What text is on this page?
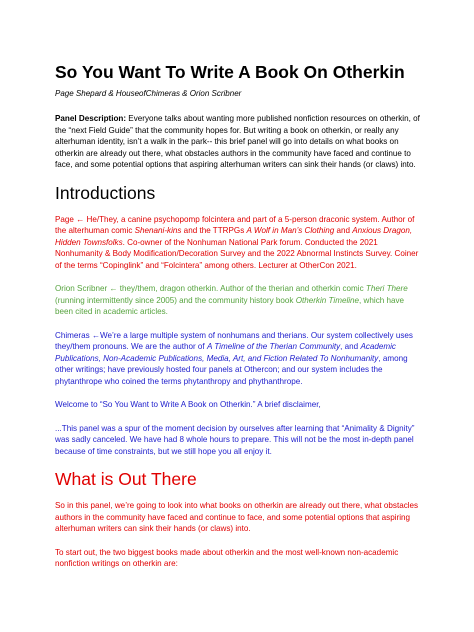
So You Want To Write A Book On Otherkin
Page Shepard & HouseofChimeras & Orion Scribner

Panel Description: Everyone talks about wanting more published nonfiction resources on otherkin, of the “next Field Guide” that the community hopes for. But writing a book on otherkin, or really any alterhuman identity, isn’t a walk in the park-- this brief panel will go into details on what books on otherkin are already out there, what obstacles authors in the community have faced and continue to face, and some potential options that aspiring alterhuman writers can sink their hands (or claws) into.

Introductions

Page ← He/They, a canine psychopomp folcintera and part of a 5-person draconic system. Author of the alterhuman comic Shenani-kins and the TTRPGs A Wolf in Man’s Clothing and Anxious Dragon, Hidden Townsfolks. Co-owner of the Nonhuman National Park forum. Conducted the 2021 Nonhumanity & Body Modification/Decoration Survey and the 2022 Abnormal Instincts Survey. Coiner of the terms “Copinglink” and “Folcintera” among others. Lecturer at OtherCon 2021.

Orion Scribner ← they/them, dragon otherkin. Author of the therian and otherkin comic Theri There (running intermittently since 2005) and the community history book Otherkin Timeline, which have been cited in academic articles.

Chimeras ←We’re a large multiple system of nonhumans and therians. Our system collectively uses they/them pronouns. We are the author of A Timeline of the Therian Community, and Academic Publications, Non-Academic Publications, Media, Art, and Fiction Related To Nonhumanity, among other writings; have previously hosted four panels at Othercon; and our system includes the phytanthrope who coined the terms phytanthropy and phythanthrope.

Welcome to “So You Want to Write A Book on Otherkin.” A brief disclaimer,

...This panel was a spur of the moment decision by ourselves after learning that “Animality & Dignity” was sadly canceled. We have had 8 whole hours to prepare. This will not be the most in-depth panel because of time constraints, but we still hope you all enjoy it.

What is Out There

So in this panel, we’re going to look into what books on otherkin are already out there, what obstacles authors in the community have faced and continue to face, and some potential options that aspiring alterhuman writers can sink their hands (or claws) into.

To start out, the two biggest books made about otherkin and the most well-known non-academic nonfiction writings on otherkin are:
